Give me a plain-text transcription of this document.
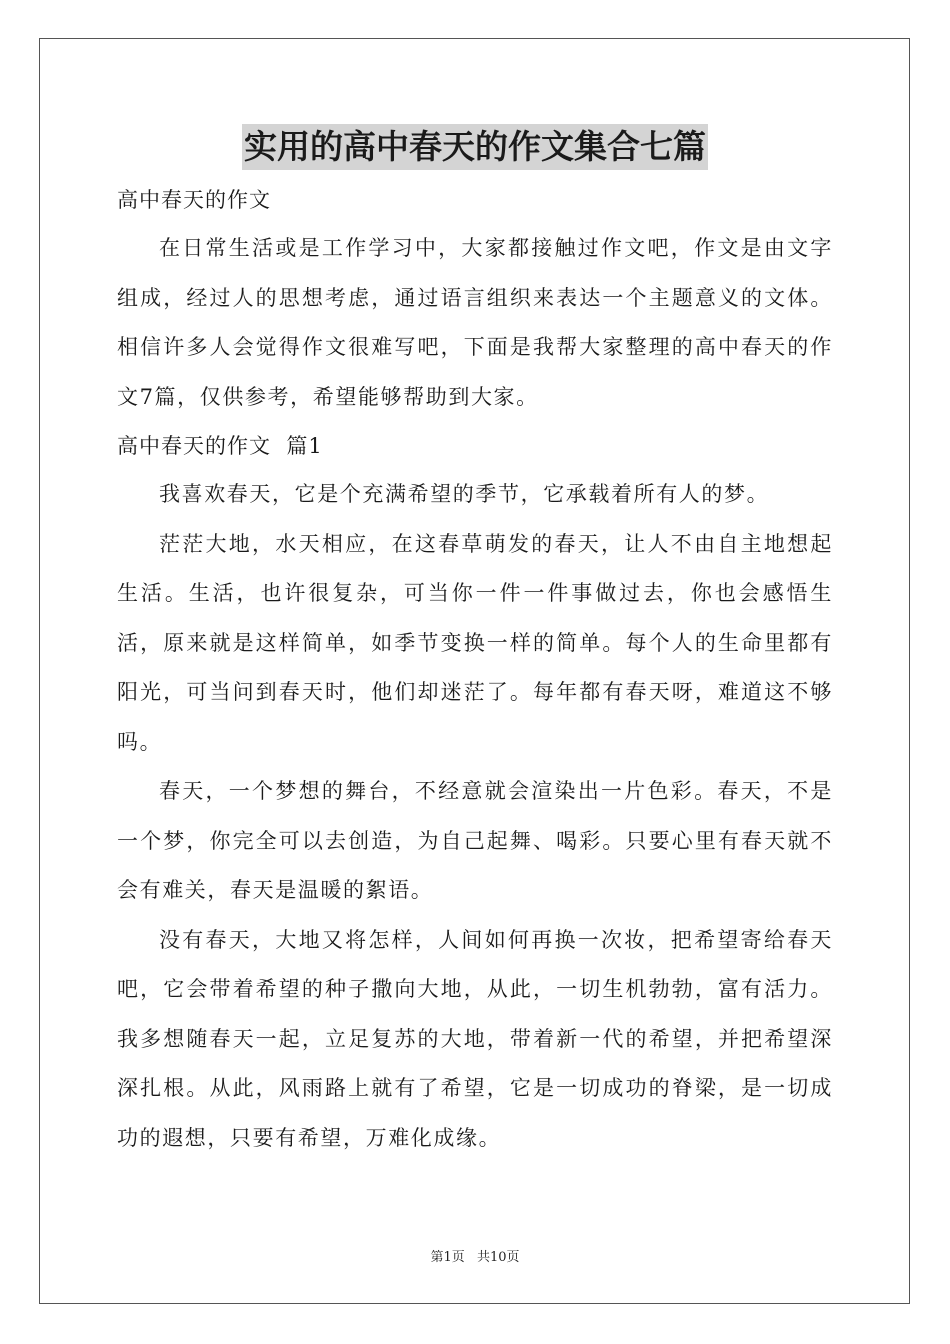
实用的高中春天的作文集合七篇

高中春天的作文

在日常生活或是工作学习中，大家都接触过作文吧，作文是由文字组成，经过人的思想考虑，通过语言组织来表达一个主题意义的文体。相信许多人会觉得作文很难写吧，下面是我帮大家整理的高中春天的作文7篇，仅供参考，希望能够帮助到大家。

高中春天的作文  篇1

我喜欢春天，它是个充满希望的季节，它承载着所有人的梦。

茫茫大地，水天相应，在这春草萌发的春天，让人不由自主地想起生活。生活，也许很复杂，可当你一件一件事做过去，你也会感悟生活，原来就是这样简单，如季节变换一样的简单。每个人的生命里都有阳光，可当问到春天时，他们却迷茫了。每年都有春天呀，难道这不够吗。

春天，一个梦想的舞台，不经意就会渲染出一片色彩。春天，不是一个梦，你完全可以去创造，为自己起舞、喝彩。只要心里有春天就不会有难关，春天是温暖的絮语。

没有春天，大地又将怎样，人间如何再换一次妆，把希望寄给春天吧，它会带着希望的种子撒向大地，从此，一切生机勃勃，富有活力。我多想随春天一起，立足复苏的大地，带着新一代的希望，并把希望深深扎根。从此，风雨路上就有了希望，它是一切成功的脊梁，是一切成功的遐想，只要有希望，万难化成缘。

第1页 共10页
